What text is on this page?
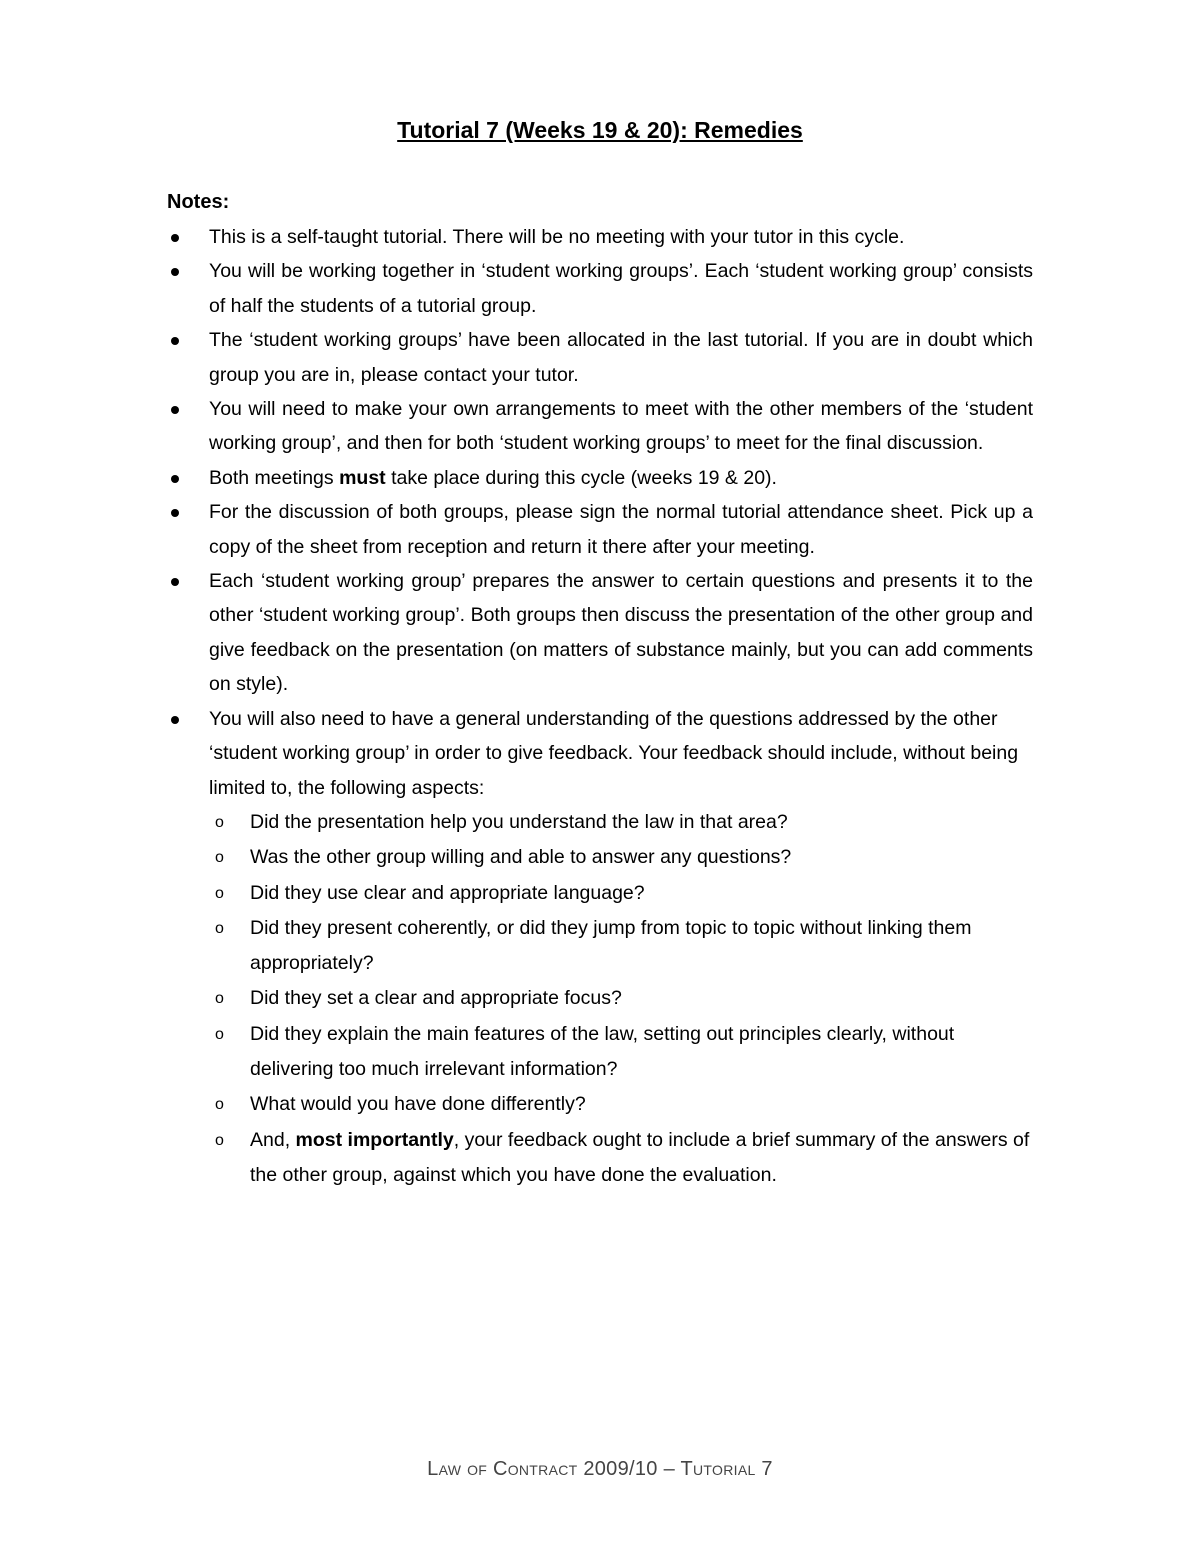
Tutorial 7 (Weeks 19 & 20): Remedies
Notes:
This is a self-taught tutorial. There will be no meeting with your tutor in this cycle.
You will be working together in ‘student working groups’. Each ‘student working group’ consists of half the students of a tutorial group.
The ‘student working groups’ have been allocated in the last tutorial. If you are in doubt which group you are in, please contact your tutor.
You will need to make your own arrangements to meet with the other members of the ‘student working group’, and then for both ‘student working groups’ to meet for the final discussion.
Both meetings must take place during this cycle (weeks 19 & 20).
For the discussion of both groups, please sign the normal tutorial attendance sheet. Pick up a copy of the sheet from reception and return it there after your meeting.
Each ‘student working group’ prepares the answer to certain questions and presents it to the other ‘student working group’. Both groups then discuss the presentation of the other group and give feedback on the presentation (on matters of substance mainly, but you can add comments on style).
You will also need to have a general understanding of the questions addressed by the other ‘student working group’ in order to give feedback. Your feedback should include, without being limited to, the following aspects:
o Did the presentation help you understand the law in that area?
o Was the other group willing and able to answer any questions?
o Did they use clear and appropriate language?
o Did they present coherently, or did they jump from topic to topic without linking them appropriately?
o Did they set a clear and appropriate focus?
o Did they explain the main features of the law, setting out principles clearly, without delivering too much irrelevant information?
o What would you have done differently?
o And, most importantly, your feedback ought to include a brief summary of the answers of the other group, against which you have done the evaluation.
Law of Contract 2009/10 – Tutorial 7
